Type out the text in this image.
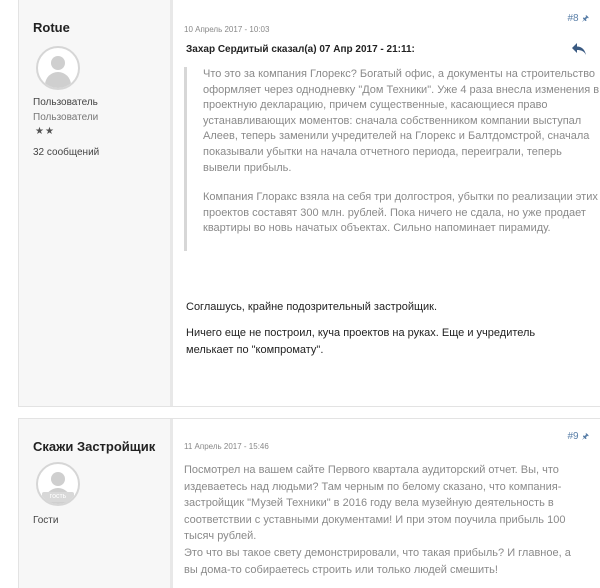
Rotue
Пользователь
Пользователи
★★
32 сообщений
10 Апрель 2017 - 10:03
#8 🖈
Захар Сердитый сказал(а) 07 Апр 2017 - 21:11:

Что это за компания Глорекс? Богатый офис, а документы на строительство оформляет через однодневку "Дом Техники". Уже 4 раза внесла изменения в проектную декларацию, причем существенные, касающиеся право устанавливающих моментов: сначала собственником компании выступал Алеев, теперь заменили учредителей на Глорекс и Балтдомстрой, сначала показывали убытки на начала отчетного периода, переиграли, теперь вывели прибыль.

Компания Глоракс взяла на себя три долгостроя, убытки по реализации этих проектов составят 300 млн. рублей. Пока ничего не сдала, но уже продает квартиры во новь начатых объектах. Сильно напоминает пирамиду.

Соглашусь, крайне подозрительный застройщик.

Ничего еще не построил, куча проектов на руках. Еще и учредитель мелькает по "компромату".

Скажи Застройщик
гость
Гости
11 Апрель 2017 - 15:46
#9 🖈

Посмотрел на вашем сайте Первого квартала аудиторский отчет. Вы, что издеваетесь над людьми? Там черным по белому сказано, что компания-застройщик "Музей Техники" в 2016 году вела музейную деятельность в соответствии с уставными документами! И при этом поучила прибыль 100 тысяч рублей.
Это что вы такое свету демонстрировали, что такая прибыль? И главное, а вы дома-то собираетесь строить или только людей смешить!
